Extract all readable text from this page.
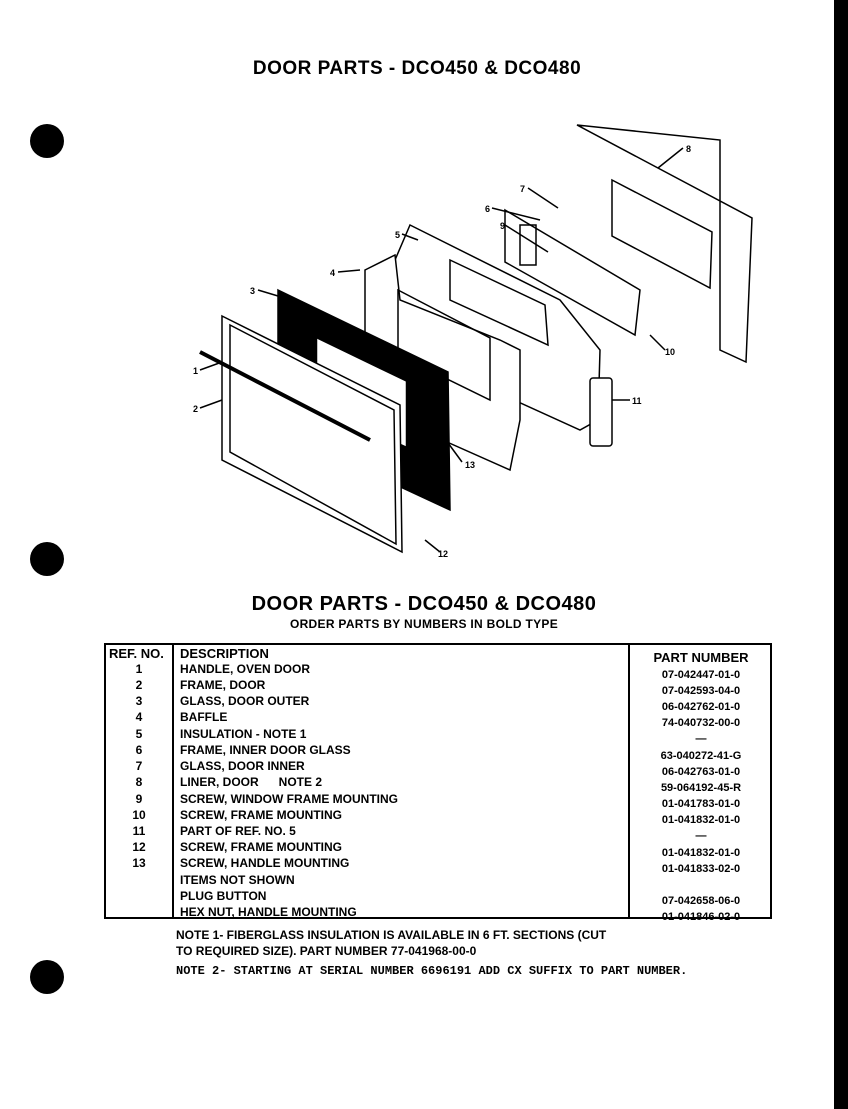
DOOR PARTS - DCO450 & DCO480
1
2
3
4
5
6
7
8
9
10
11
12
13
DOOR PARTS - DCO450 & DCO480
ORDER PARTS BY NUMBERS IN BOLD TYPE
REF. NO.
1
2
3
4
5
6
7
8
9
10
11
12
13
DESCRIPTION
HANDLE, OVEN DOOR
FRAME, DOOR
GLASS, DOOR OUTER
BAFFLE
INSULATION - NOTE 1
FRAME, INNER DOOR GLASS
GLASS, DOOR INNER
LINER, DOOR      NOTE 2
SCREW, WINDOW FRAME MOUNTING
SCREW, FRAME MOUNTING
PART OF REF. NO. 5
SCREW, FRAME MOUNTING
SCREW, HANDLE MOUNTING
ITEMS NOT SHOWN
PLUG BUTTON
HEX NUT, HANDLE MOUNTING
PART NUMBER
07-042447-01-0
07-042593-04-0
06-042762-01-0
74-040732-00-0
—
63-040272-41-G
06-042763-01-0
59-064192-45-R
01-041783-01-0
01-041832-01-0
—
01-041832-01-0
01-041833-02-0
07-042658-06-0
01-041846-02-0
NOTE 1- FIBERGLASS INSULATION IS AVAILABLE IN 6 FT. SECTIONS (CUT
TO REQUIRED SIZE). PART NUMBER 77-041968-00-0
NOTE 2- STARTING AT SERIAL NUMBER 6696191 ADD CX SUFFIX TO PART NUMBER.
